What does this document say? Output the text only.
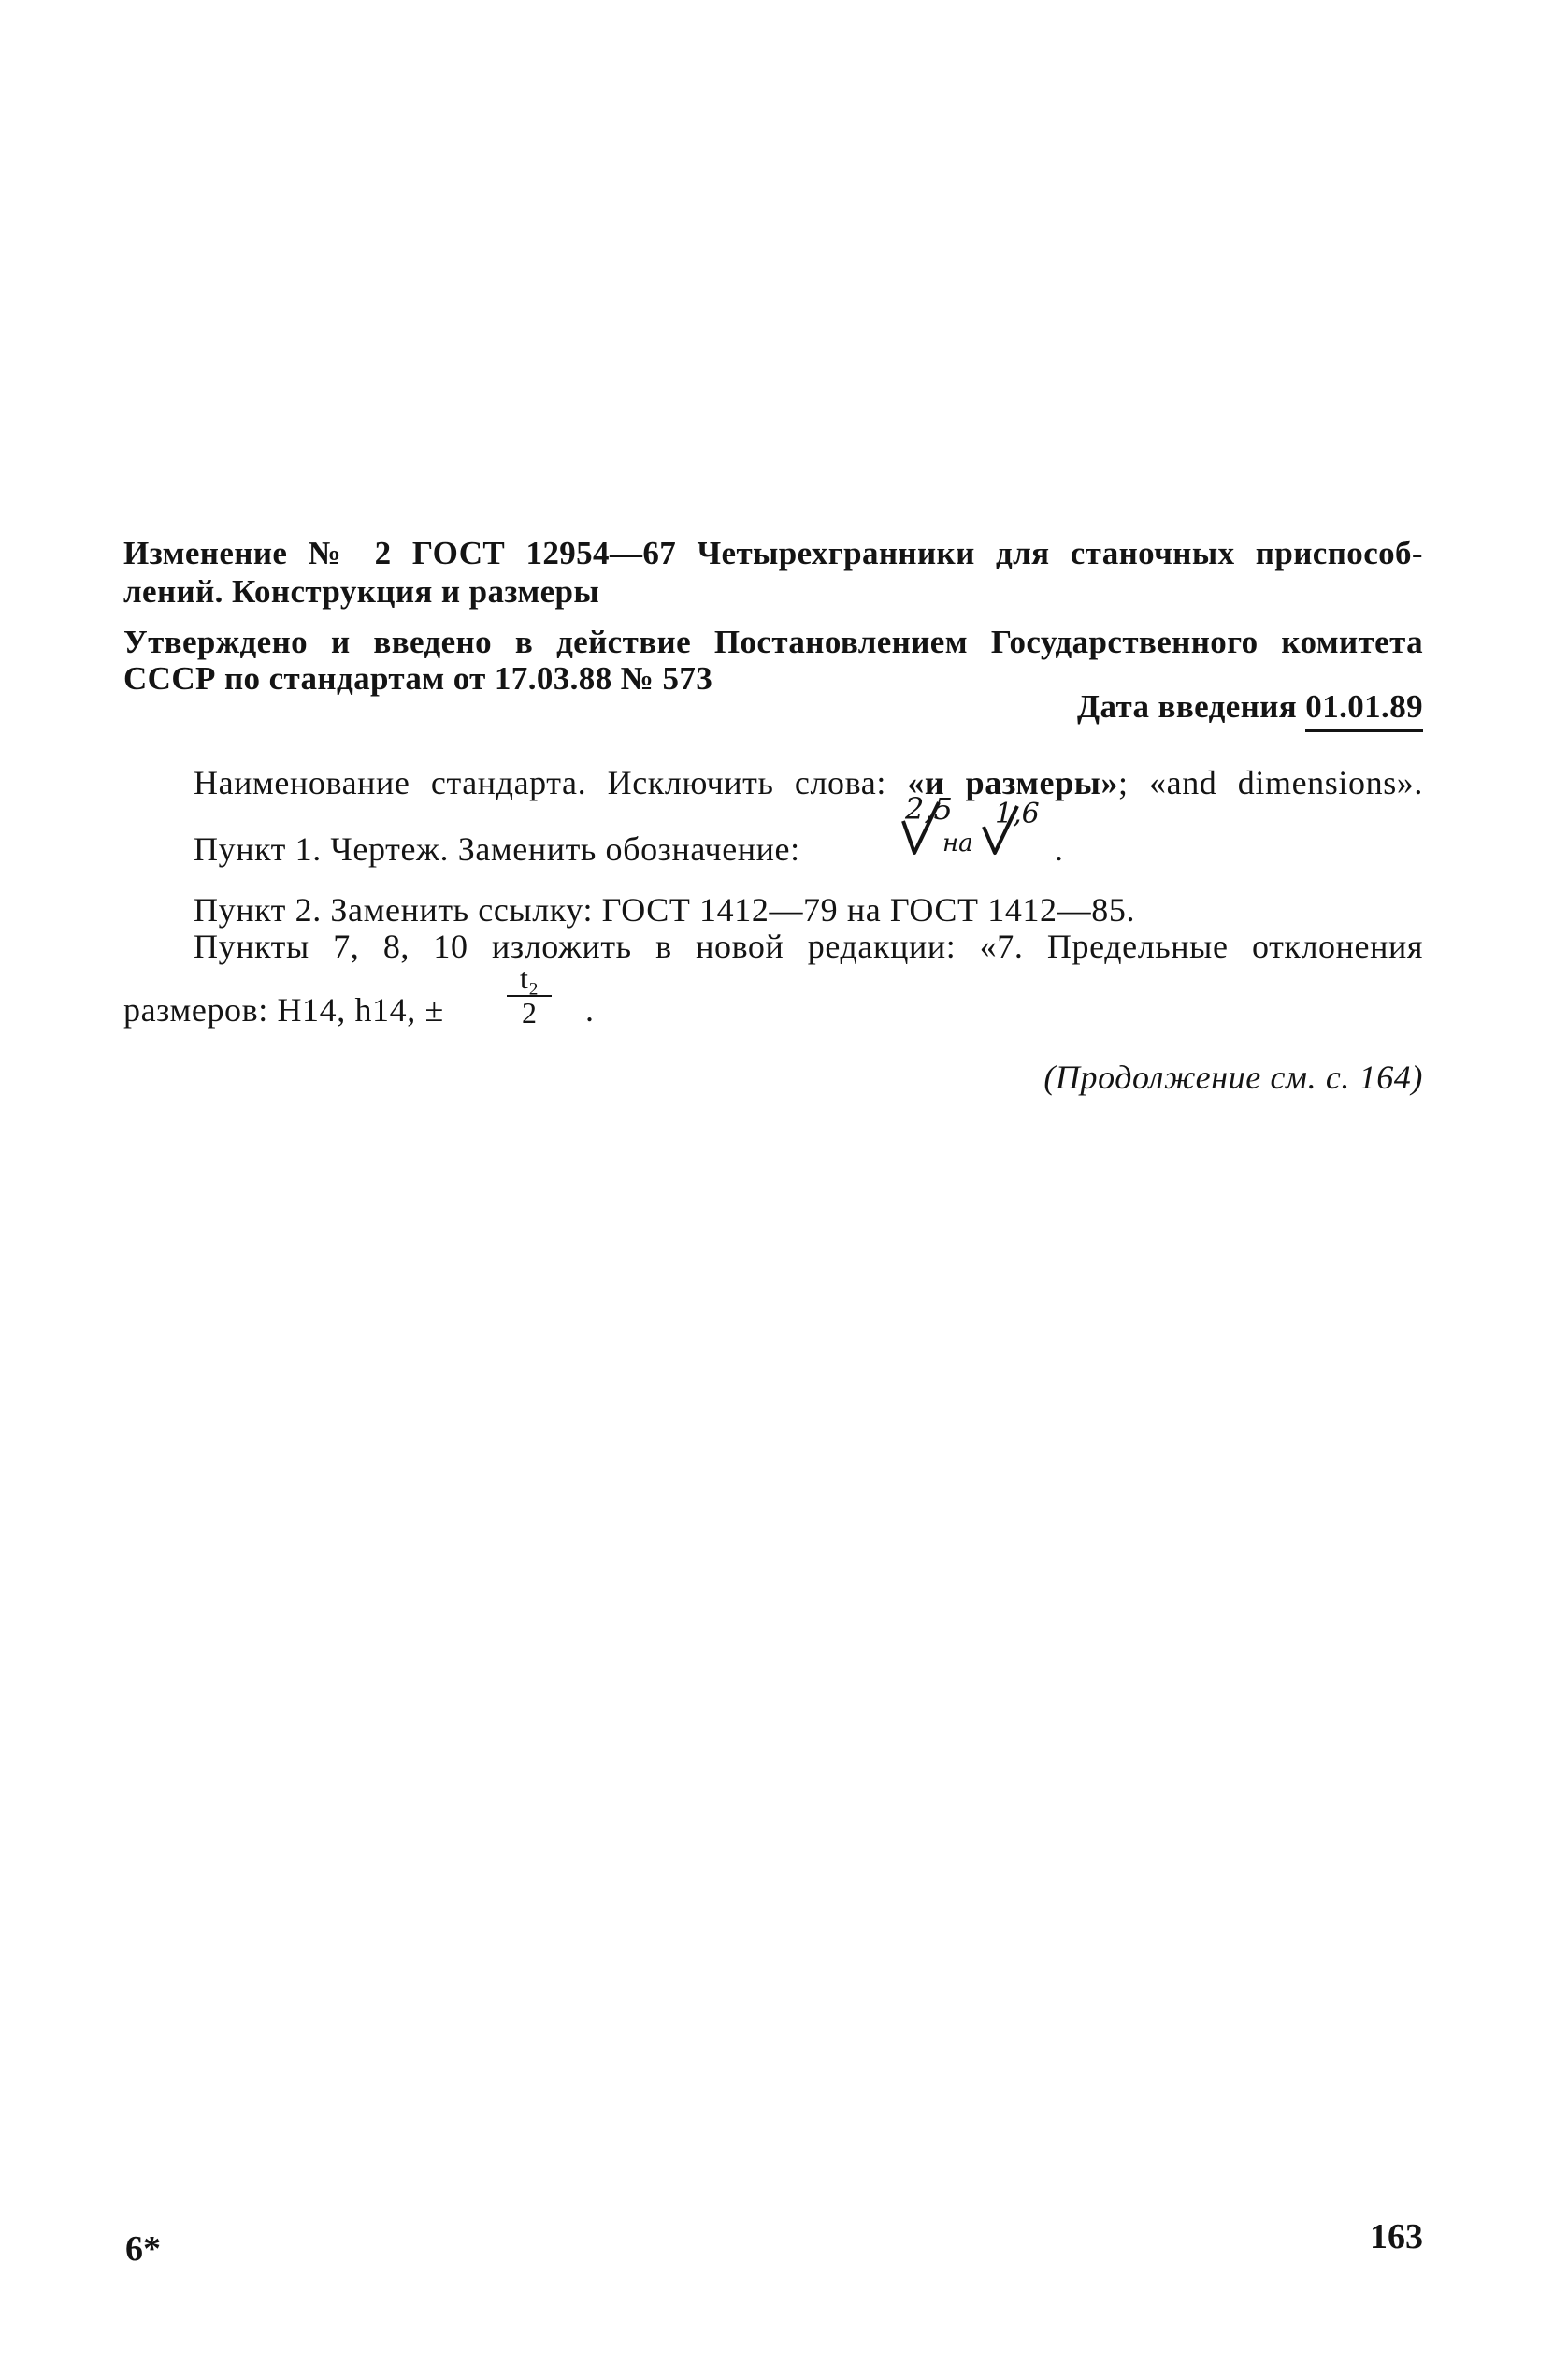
Изменение № 2 ГОСТ 12954—67 Четырехгранники для станочных приспособ-
лений. Конструкция и размеры
Утверждено и введено в действие Постановлением Государственного комитета
СССР по стандартам от 17.03.88 № 573
Дата введения 01.01.89
Наименование стандарта. Исключить слова: «и размеры»; «and dimensions».
Пункт 1. Чертеж. Заменить обозначение:
2,5
на
1,6
.
Пункт 2. Заменить ссылку: ГОСТ 1412—79 на ГОСТ 1412—85.
Пункты 7, 8, 10 изложить в новой редакции: «7. Предельные отклонения
размеров: H14, h14, ±
t₂
2	.
(Продолжение см. с. 164)
6*	163
